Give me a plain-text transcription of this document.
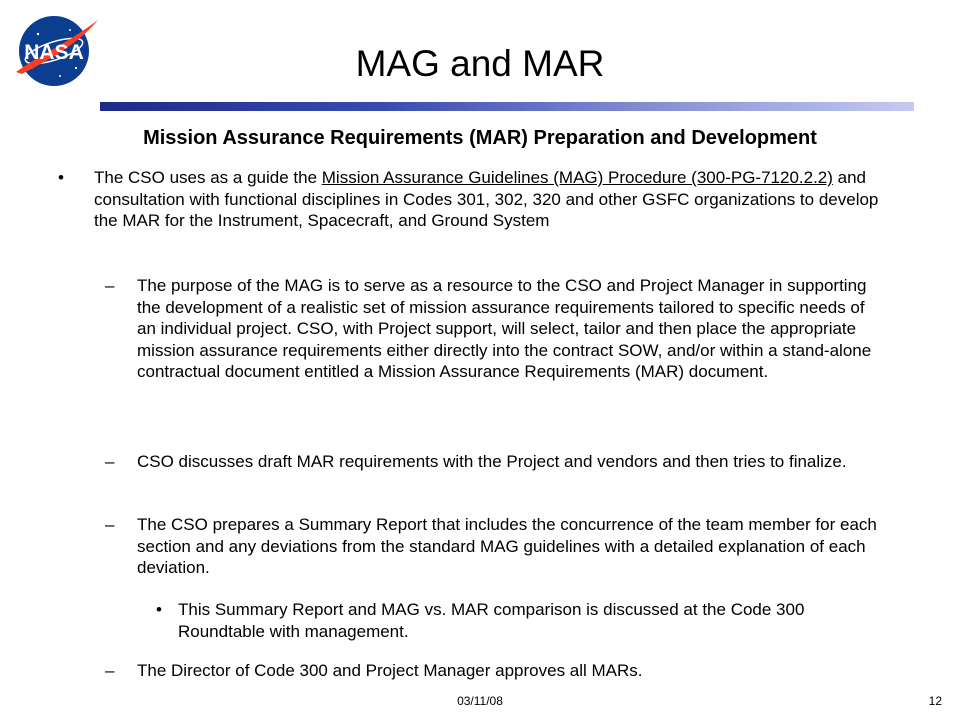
NASA	MAG and MAR
Mission Assurance Requirements (MAR) Preparation and Development
• The CSO uses as a guide the Mission Assurance Guidelines (MAG) Procedure (300-PG-7120.2.2) and consultation with functional disciplines in Codes 301, 302, 320 and other GSFC organizations to develop the MAR for the Instrument, Spacecraft, and Ground System
– The purpose of the MAG is to serve as a resource to the CSO and Project Manager in supporting the development of a realistic set of mission assurance requirements tailored to specific needs of an individual project. CSO, with Project support, will select, tailor and then place the appropriate mission assurance requirements either directly into the contract SOW, and/or within a stand-alone contractual document entitled a Mission Assurance Requirements (MAR) document.
– CSO discusses draft MAR requirements with the Project and vendors and then tries to finalize.
– The CSO prepares a Summary Report that includes the concurrence of the team member for each section and any deviations from the standard MAG guidelines with a detailed explanation of each deviation.
• This Summary Report and MAG vs. MAR comparison is discussed at the Code 300 Roundtable with management.
– The Director of Code 300 and Project Manager approves all MARs.
03/11/08	12
